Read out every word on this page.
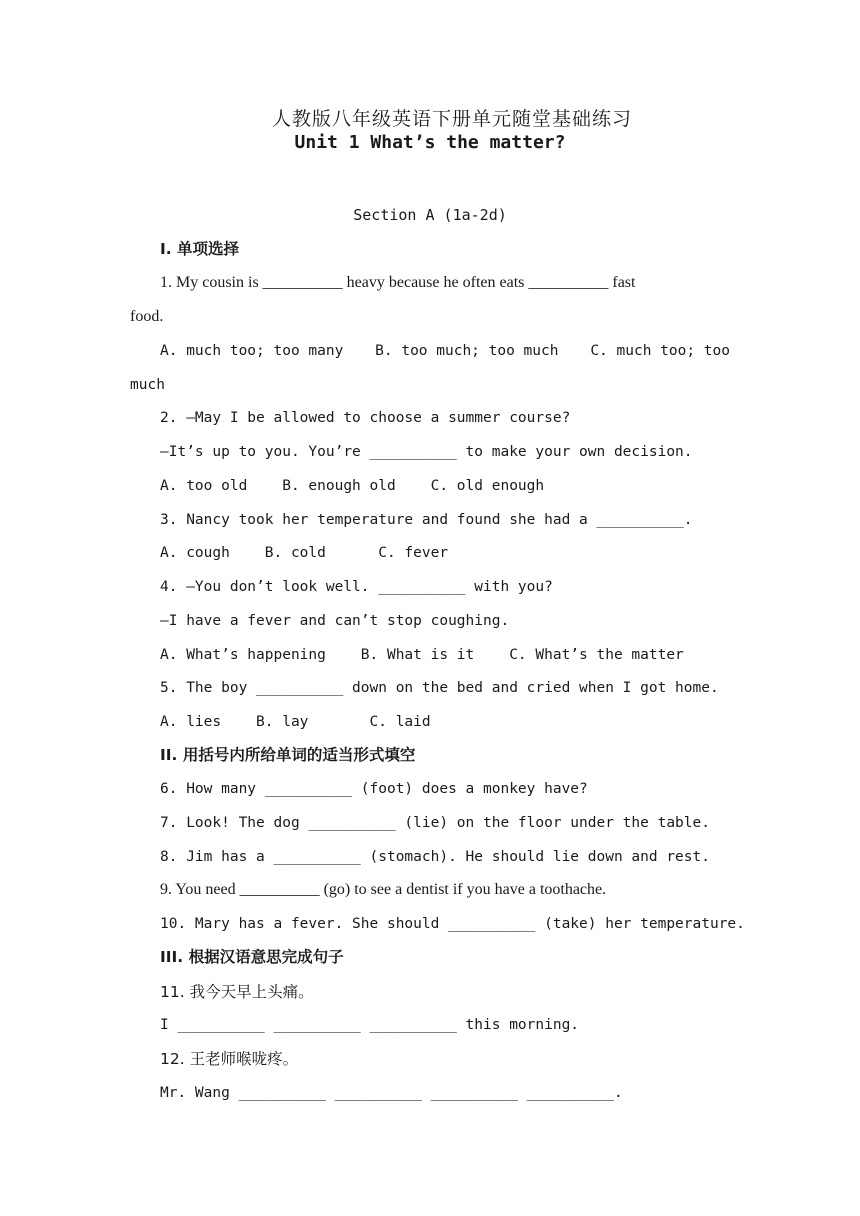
人教版八年级英语下册单元随堂基础练习
Unit 1 What’s the matter?
Section A (1a-2d)
I. 单项选择
1. My cousin is __________ heavy because he often eats __________ fast
food.
A. much too; too many B. too much; too much C. much too; too
much
2. —May I be allowed to choose a summer course?
—It’s up to you. You’re __________ to make your own decision.
A. too old    B. enough old    C. old enough
3. Nancy took her temperature and found she had a __________.
A. cough    B. cold      C. fever
4. —You don’t look well. __________ with you?
—I have a fever and can’t stop coughing.
A. What’s happening    B. What is it    C. What’s the matter
5. The boy __________ down on the bed and cried when I got home.
A. lies    B. lay       C. laid
II. 用括号内所给单词的适当形式填空
6. How many __________ (foot) does a monkey have?
7. Look! The dog __________ (lie) on the floor under the table.
8. Jim has a __________ (stomach). He should lie down and rest.
9. You need __________ (go) to see a dentist if you have a toothache.
10. Mary has a fever. She should __________ (take) her temperature.
III. 根据汉语意思完成句子
11. 我今天早上头痛。
I __________ __________ __________ this morning.
12. 王老师喉咙疼。
Mr. Wang __________ __________ __________ __________.
